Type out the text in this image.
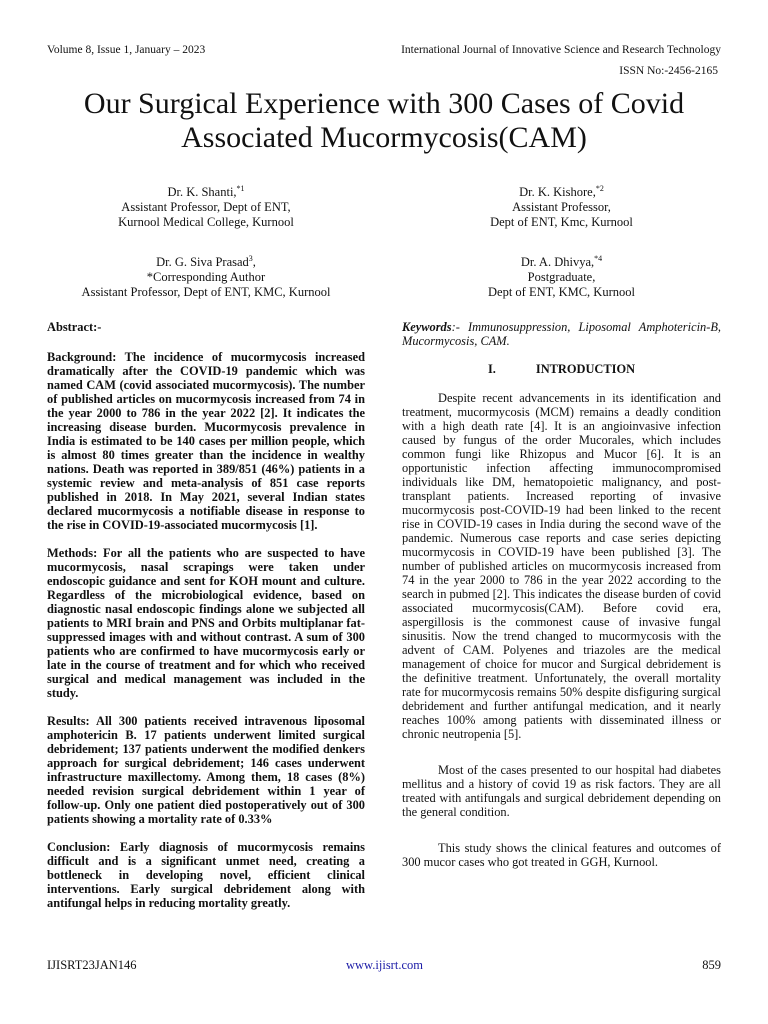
Volume 8, Issue 1, January – 2023	International Journal of Innovative Science and Research Technology
ISSN No:-2456-2165
Our Surgical Experience with 300 Cases of Covid
Associated Mucormycosis(CAM)
Dr. K. Shanti,$^{*1}$
Assistant Professor, Dept of ENT,
Kurnool Medical College, Kurnool
Dr. K. Kishore,$^{*2}$
Assistant Professor,
Dept of ENT, Kmc, Kurnool
Dr. G. Siva Prasad$^3$,
*Corresponding Author
Assistant Professor, Dept of ENT, KMC, Kurnool
Dr. A. Dhivya,$^{*4}$
Postgraduate,
Dept of ENT, KMC, Kurnool

Abstract:-

Background: The incidence of mucormycosis increased dramatically after the COVID-19 pandemic which was named CAM (covid associated mucormycosis). The number of published articles on mucormycosis increased from 74 in the year 2000 to 786 in the year 2022 [2]. It indicates the increasing disease burden. Mucormycosis prevalence in India is estimated to be 140 cases per million people, which is almost 80 times greater than the incidence in wealthy nations. Death was reported in 389/851 (46%) patients in a systemic review and meta-analysis of 851 case reports published in 2018. In May 2021, several Indian states declared mucormycosis a notifiable disease in response to the rise in COVID-19-associated mucormycosis [1].

Methods: For all the patients who are suspected to have mucormycosis, nasal scrapings were taken under endoscopic guidance and sent for KOH mount and culture. Regardless of the microbiological evidence, based on diagnostic nasal endoscopic findings alone we subjected all patients to MRI brain and PNS and Orbits multiplanar fat-suppressed images with and without contrast. A sum of 300 patients who are confirmed to have mucormycosis early or late in the course of treatment and for which who received surgical and medical management was included in the study.

Results: All 300 patients received intravenous liposomal amphotericin B. 17 patients underwent limited surgical debridement; 137 patients underwent the modified denkers approach for surgical debridement; 146 cases underwent infrastructure maxillectomy. Among them, 18 cases (8%) needed revision surgical debridement within 1 year of follow-up. Only one patient died postoperatively out of 300 patients showing a mortality rate of 0.33%

Conclusion: Early diagnosis of mucormycosis remains difficult and is a significant unmet need, creating a bottleneck in developing novel, efficient clinical interventions. Early surgical debridement along with antifungal helps in reducing mortality greatly.

Keywords:- Immunosuppression, Liposomal Amphotericin-B, Mucormycosis, CAM.

I.	INTRODUCTION

Despite recent advancements in its identification and treatment, mucormycosis (MCM) remains a deadly condition with a high death rate [4]. It is an angioinvasive infection caused by fungus of the order Mucorales, which includes common fungi like Rhizopus and Mucor [6]. It is an opportunistic infection affecting immunocompromised individuals like DM, hematopoietic malignancy, and post-transplant patients. Increased reporting of invasive mucormycosis post-COVID-19 had been linked to the recent rise in COVID-19 cases in India during the second wave of the pandemic. Numerous case reports and case series depicting mucormycosis in COVID-19 have been published [3]. The number of published articles on mucormycosis increased from 74 in the year 2000 to 786 in the year 2022 according to the search in pubmed [2]. This indicates the disease burden of covid associated mucormycosis(CAM). Before covid era, aspergillosis is the commonest cause of invasive fungal sinusitis. Now the trend changed to mucormycosis with the advent of CAM. Polyenes and triazoles are the medical management of choice for mucor and Surgical debridement is the definitive treatment. Unfortunately, the overall mortality rate for mucormycosis remains 50% despite disfiguring surgical debridement and further antifungal medication, and it nearly reaches 100% among patients with disseminated illness or chronic neutropenia [5].

Most of the cases presented to our hospital had diabetes mellitus and a history of covid 19 as risk factors. They are all treated with antifungals and surgical debridement depending on the general condition.

This study shows the clinical features and outcomes of 300 mucor cases who got treated in GGH, Kurnool.

IJISRT23JAN146	www.ijisrt.com	859
